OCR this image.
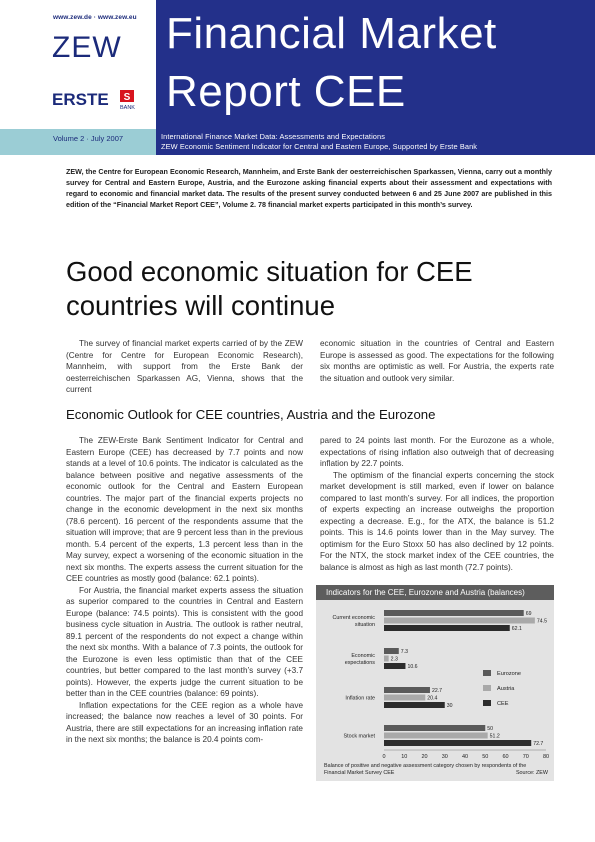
www.zew.de · www.zew.eu
ZEW
ERSTE S
BANK
Financial Market
Report CEE
Volume 2 · July 2007	International Finance Market Data: Assessments and Expectations
ZEW Economic Sentiment Indicator for Central and Eastern Europe, Supported by Erste Bank
ZEW, the Centre for European Economic Research, Mannheim, and Erste Bank der oesterreichischen Sparkassen, Vienna, carry out a monthly survey for Central and Eastern Europe, Austria, and the Eurozone asking financial experts about their assessment and expectations with regard to economic and financial market data. The results of the present survey conducted between 6 and 25 June 2007 are published in this edition of the “Financial Market Report CEE”, Volume 2. 78 financial market experts participated in this month’s survey.
Good economic situation for CEE countries will continue

The survey of financial market experts carried of by the ZEW (Centre for Centre for European Economic Research), Mannheim, with support from the Erste Bank der oesterreichischen Sparkassen AG, Vienna, shows that the current

economic situation in the countries of Central and Eastern Europe is assessed as good. The expectations for the following six months are optimistic as well. For Austria, the experts rate the situation and outlook very similar.

Economic Outlook for CEE countries, Austria and the Eurozone

The ZEW-Erste Bank Sentiment Indicator for Central and Eastern Europe (CEE) has decreased by 7.7 points and now stands at a level of 10.6 points. The indicator is calculated as the balance between positive and negative assessments of the economic outlook for the Central and Eastern European countries. The major part of the financial experts projects no change in the economic development in the next six months (78.6 percent). 16 percent of the respondents assume that the situation will improve; that are 9 percent less than in the previous month. 5.4 percent of the experts, 1.3 percent less than in the May survey, expect a worsening of the economic situation in the next six months. The experts assess the current situation for the CEE countries as mostly good (balance: 62.1 points).

For Austria, the financial market experts assess the situation as superior compared to the countries in Central and Eastern Europe (balance: 74.5 points). This is consistent with the good business cycle situation in Austria. The outlook is rather neutral, 89.1 percent of the respondents do not expect a change within the next six months. With a balance of 7.3 points, the outlook for the Eurozone is even less optimistic than that of the CEE countries, but better compared to the last month’s survey (+3.7 points). However, the experts judge the current situation to be better than in the CEE countries (balance: 69 points).

Inflation expectations for the CEE region as a whole have increased; the balance now reaches a level of 30 points. For Austria, there are still expectations for an increasing inflation rate in the next six months; the balance is 20.4 points com-

pared to 24 points last month. For the Eurozone as a whole, expectations of rising inflation also outweigh that of decreasing inflation by 22.7 points.

The optimism of the financial experts concerning the stock market development is still marked, even if lower on balance compared to last month’s survey. For all indices, the proportion of experts expecting an increase outweighs the proportion expecting a decrease. E.g., for the ATX, the balance is 51.2 points. This is 14.6 points lower than in the May survey. The optimism for the Euro Stoxx 50 has also declined by 12 points. For the NTX, the stock market index of the CEE countries, the balance is almost as high as last month (72.7 points).

Indicators for the CEE, Eurozone and Austria (balances)
0	10	20	30	40	50	60	70	80
Current economic
situation
Economic
expectations
Inflation rate
Stock market
69
7.3
22.7
50
74.5
2.3
20.4
51.2
62.1
10.6
30
72.7
Eurozone
Austria
CEE
Balance of positive and negative assessment category chosen by respondents of the Financial Market Survey CEE	Source: ZEW
